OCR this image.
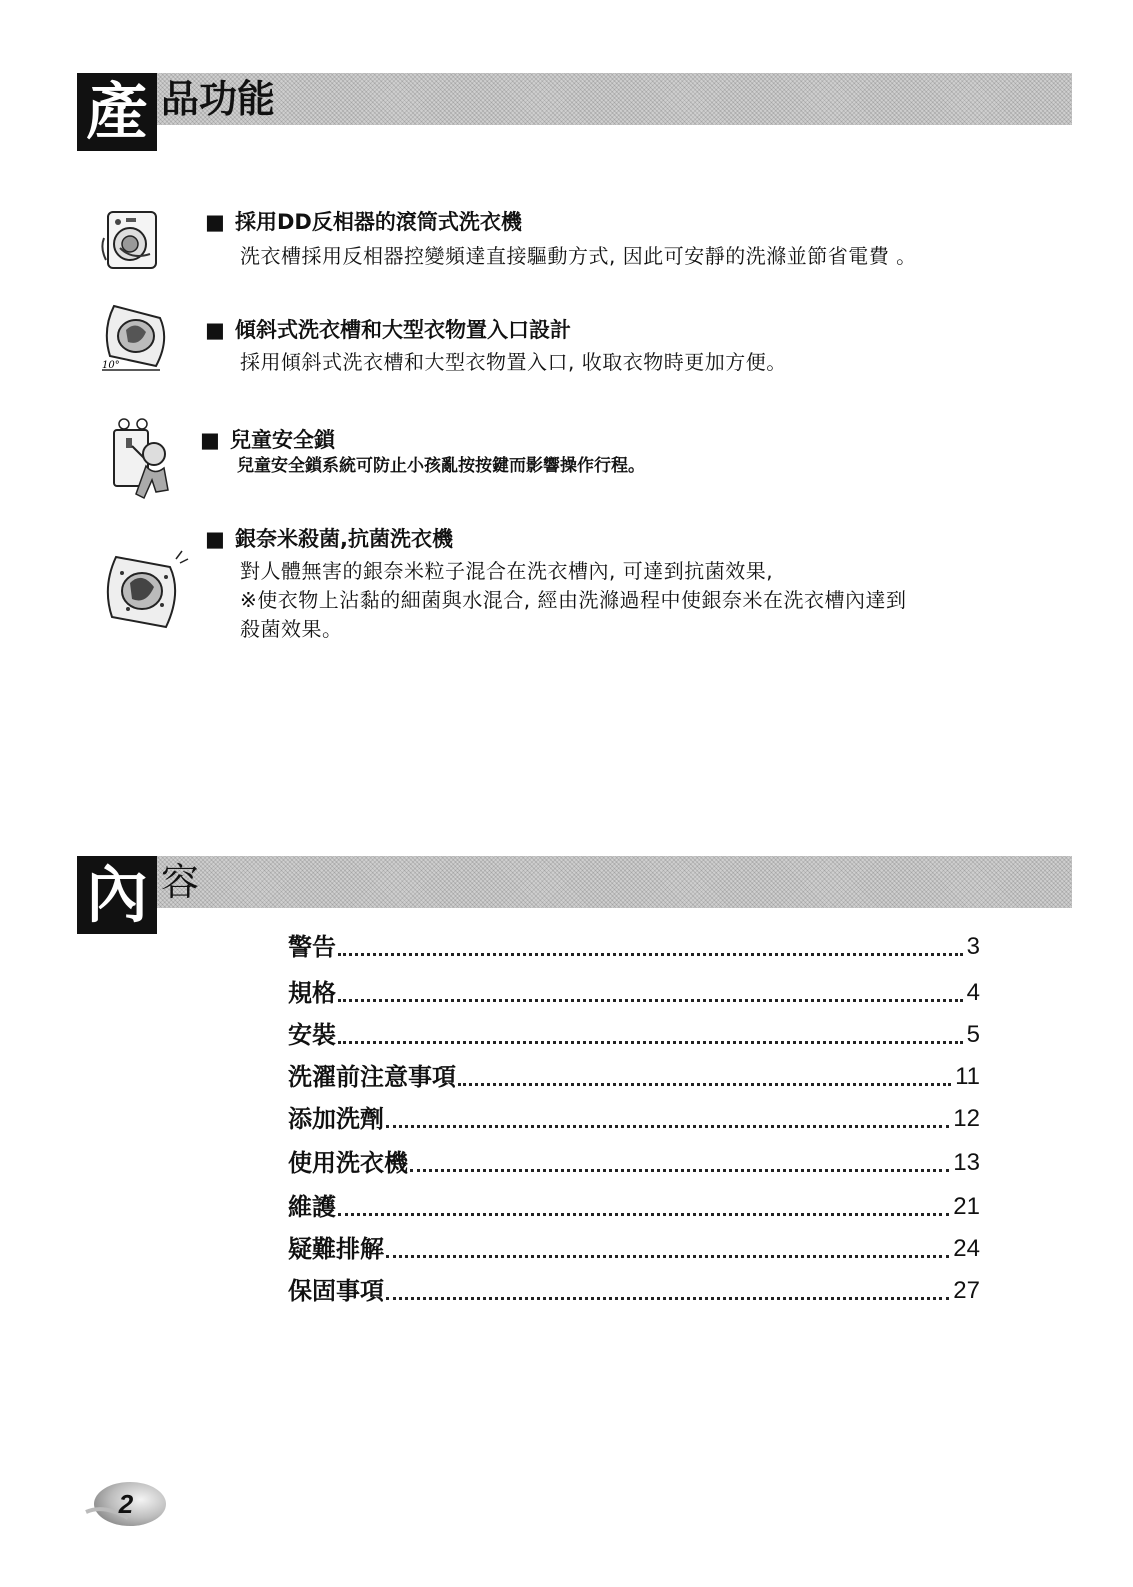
產 品功能
■ 採用DD反相器的滾筒式洗衣機
洗衣槽採用反相器控變頻達直接驅動方式, 因此可安靜的洗滌並節省電費 。
10°
■ 傾斜式洗衣槽和大型衣物置入口設計
採用傾斜式洗衣槽和大型衣物置入口, 收取衣物時更加方便。
■ 兒童安全鎖
兒童安全鎖系統可防止小孩亂按按鍵而影響操作行程。
■ 銀奈米殺菌,抗菌洗衣機
對人體無害的銀奈米粒子混合在洗衣槽內, 可達到抗菌效果,
※使衣物上沾黏的細菌與水混合, 經由洗滌過程中使銀奈米在洗衣槽內達到
殺菌效果。
內 容
警告	3
規格	4
安裝	5
洗濯前注意事項	11
添加洗劑	12
使用洗衣機	13
維護	21
疑難排解	24
保固事項	27
2
